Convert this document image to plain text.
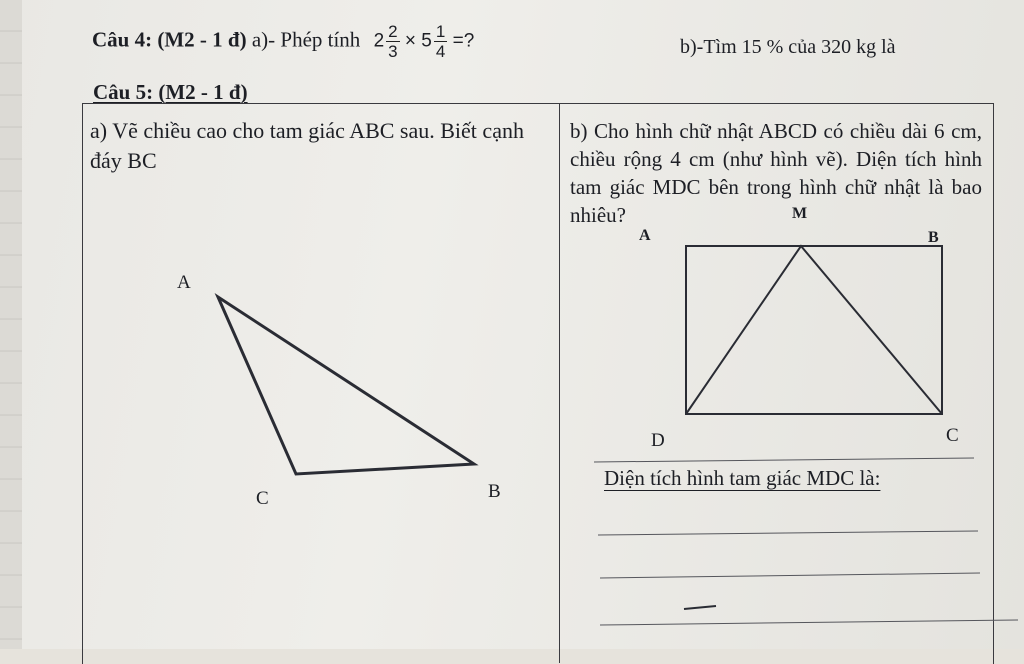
Câu 4: (M2 - 1 đ) a)- Phép tính $2 \frac{2}{3} \times 5 \frac{1}{4}$ =?	b)-Tìm 15 % của 320 kg là
Câu 5: (M2 - 1 đ)
a) Vẽ chiều cao cho tam giác ABC sau. Biết cạnh đáy BC
b) Cho hình chữ nhật ABCD có chiều dài 6 cm, chiều rộng 4 cm (như hình vẽ). Diện tích hình tam giác MDC bên trong hình chữ nhật là bao nhiêu?
A
B
C
A	B
C
D
M
Diện tích hình tam giác MDC là:
